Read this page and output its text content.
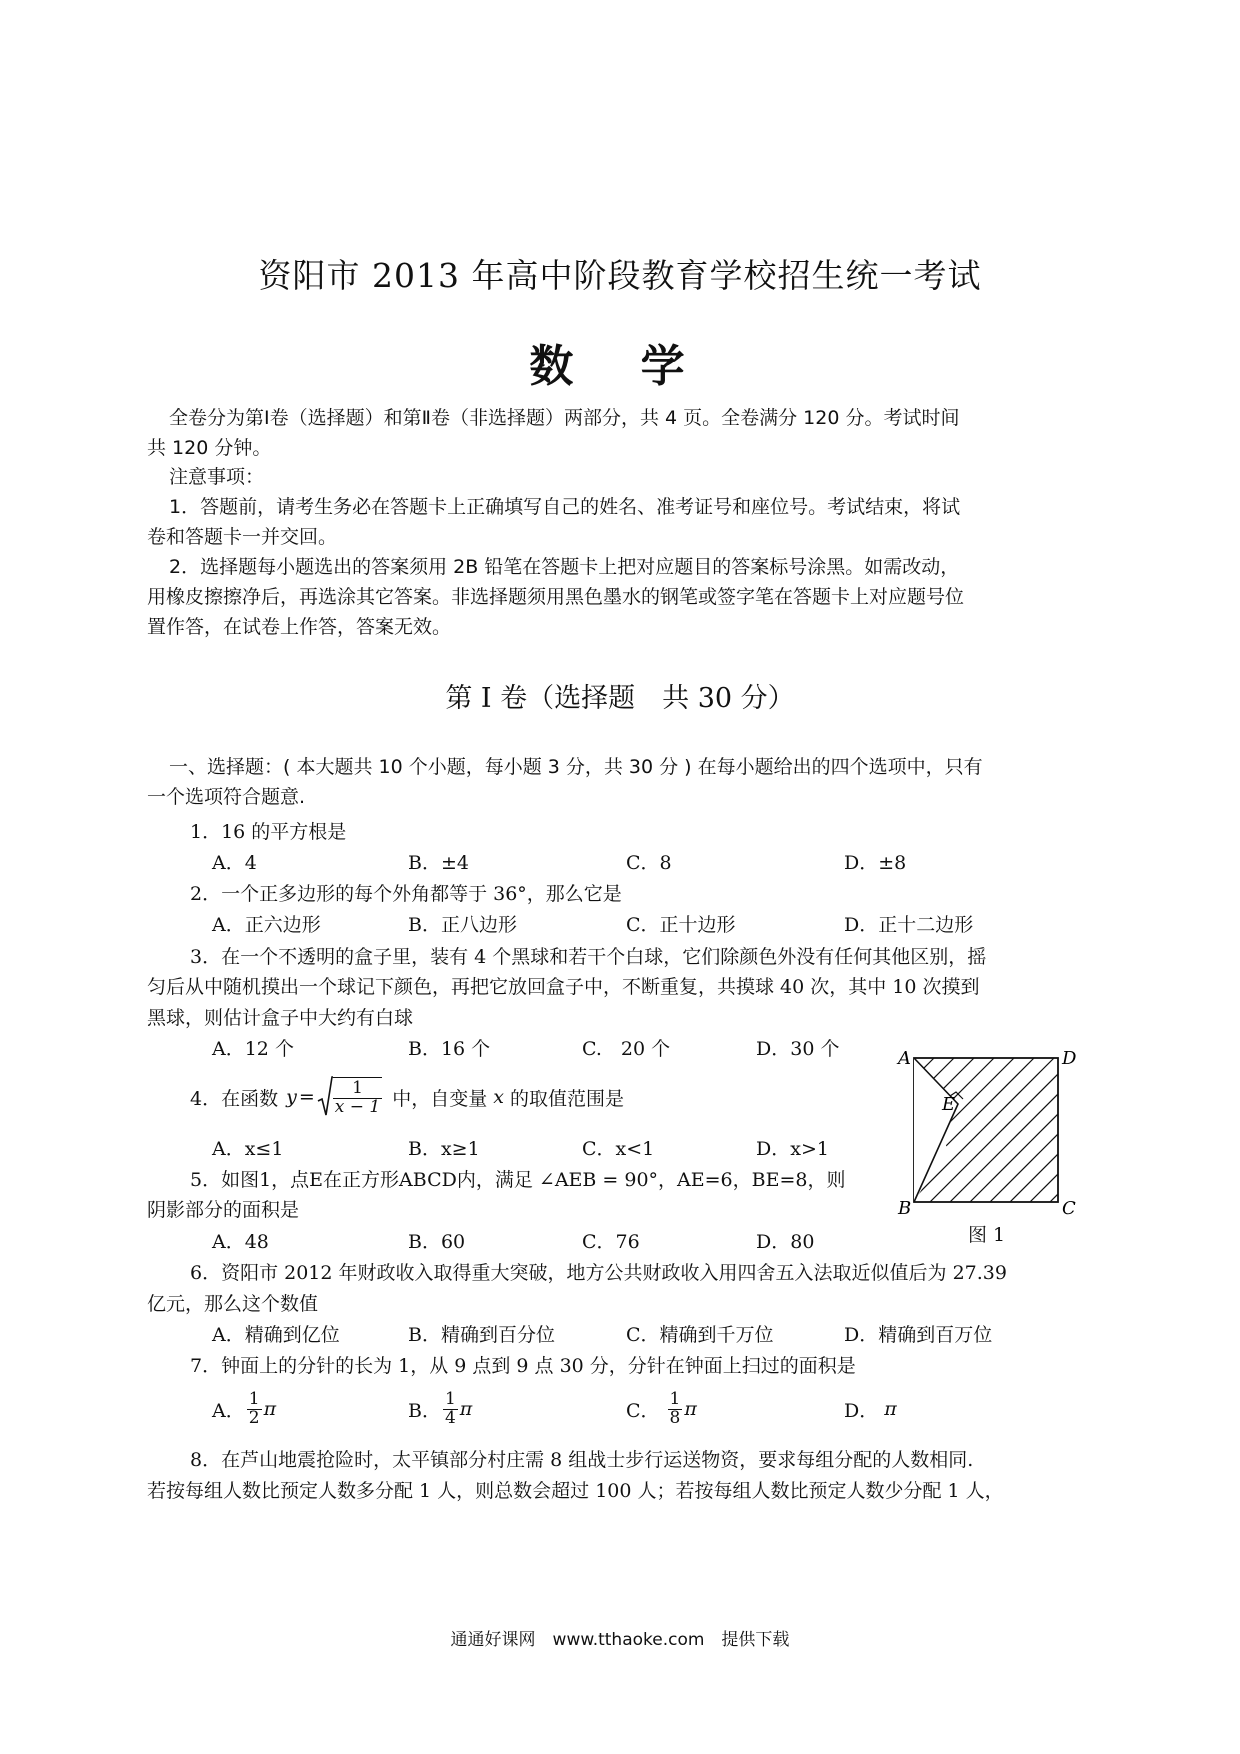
资阳市 2013 年高中阶段教育学校招生统一考试
数 学
全卷分为第Ⅰ卷（选择题）和第Ⅱ卷（非选择题）两部分，共 4 页。全卷满分 120 分。考试时间
共 120 分钟。
注意事项：
1．答题前，请考生务必在答题卡上正确填写自己的姓名、准考证号和座位号。考试结束，将试
卷和答题卡一并交回。
2．选择题每小题选出的答案须用 2B 铅笔在答题卡上把对应题目的答案标号涂黑。如需改动，
用橡皮擦擦净后，再选涂其它答案。非选择题须用黑色墨水的钢笔或签字笔在答题卡上对应题号位
置作答，在试卷上作答，答案无效。
第 Ⅰ 卷（选择题　共 30 分）
一、选择题：( 本大题共 10 个小题，每小题 3 分，共 30 分 ) 在每小题给出的四个选项中，只有
一个选项符合题意.
1．16 的平方根是
A．4	B．±4	C．8	D．±8
2．一个正多边形的每个外角都等于 36°，那么它是
A．正六边形	B．正八边形	C．正十边形	D．正十二边形
3．在一个不透明的盒子里，装有 4 个黑球和若干个白球，它们除颜色外没有任何其他区别，摇
匀后从中随机摸出一个球记下颜色，再把它放回盒子中，不断重复，共摸球 40 次，其中 10 次摸到
黑球，则估计盒子中大约有白球
A．12 个	B．16 个	C.　20 个	D．30 个
4．在函数 $y = \frac{1}{x - 1}$ 中，自变量 x 的取值范围是
A．x≤1	B．x≥1	C．x<1	D．x>1
5．如图1，点E在正方形ABCD内，满足 ∠AEB = 90°，AE=6，BE=8，则
阴影部分的面积是
A．48	B．60	C．76	D．80
A	D
B	C
E
图 1
6．资阳市 2012 年财政收入取得重大突破，地方公共财政收入用四舍五入法取近似值后为 27.39
亿元，那么这个数值
A．精确到亿位	B．精确到百分位	C．精确到千万位	D．精确到百万位
7．钟面上的分针的长为 1，从 9 点到 9 点 30 分，分针在钟面上扫过的面积是
A． $\frac{1}{2}$ π	B． $\frac{1}{4}$ π	C． $\frac{1}{8}$ π	D． π
8．在芦山地震抢险时，太平镇部分村庄需 8 组战士步行运送物资，要求每组分配的人数相同.
若按每组人数比预定人数多分配 1 人，则总数会超过 100 人；若按每组人数比预定人数少分配 1 人，
通通好课网　www.tthaoke.com　提供下载
